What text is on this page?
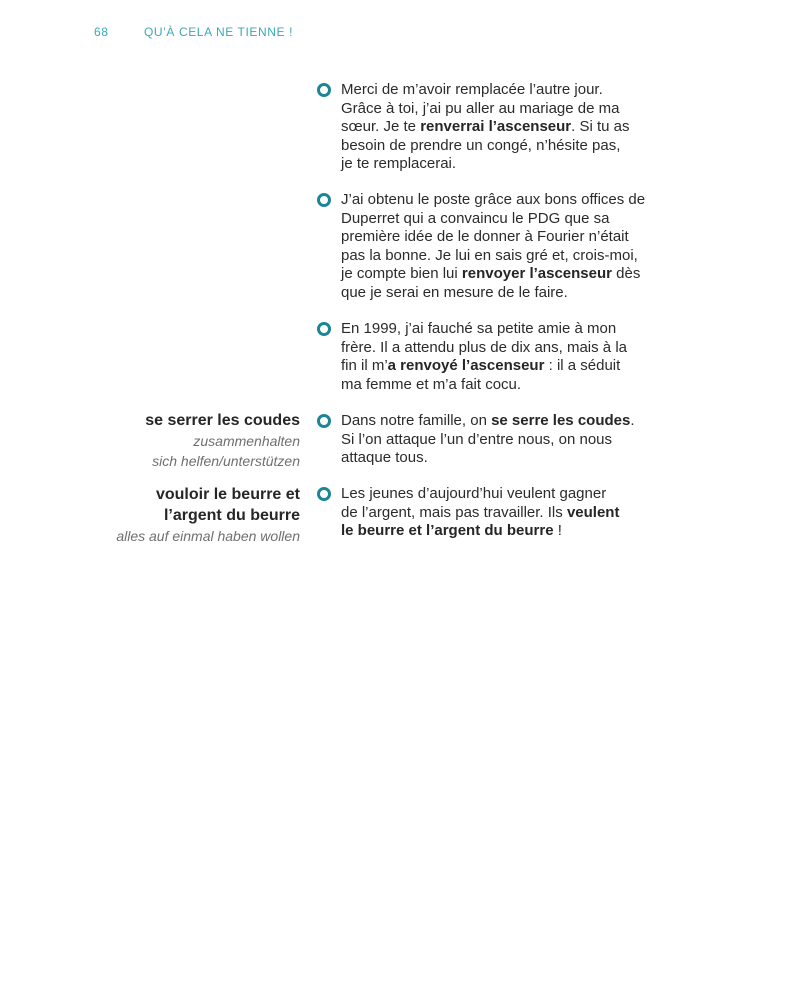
68	QU’À CELA NE TIENNE !
se serrer les coudes
zusammenhalten
sich helfen/unterstützen
vouloir le beurre et
l’argent du beurre
alles auf einmal haben wollen
Merci de m’avoir remplacée l’autre jour.
Grâce à toi, j’ai pu aller au mariage de ma
sœur. Je te renverrai l’ascenseur. Si tu as
besoin de prendre un congé, n’hésite pas,
je te remplacerai.
J’ai obtenu le poste grâce aux bons offices de
Duperret qui a convaincu le PDG que sa
première idée de le donner à Fourier n’était
pas la bonne. Je lui en sais gré et, crois-moi,
je compte bien lui renvoyer l’ascenseur dès
que je serai en mesure de le faire.
En 1999, j’ai fauché sa petite amie à mon
frère. Il a attendu plus de dix ans, mais à la
fin il m’a renvoyé l’ascenseur : il a séduit
ma femme et m’a fait cocu.
Dans notre famille, on se serre les coudes.
Si l’on attaque l’un d’entre nous, on nous
attaque tous.
Les jeunes d’aujourd’hui veulent gagner
de l’argent, mais pas travailler. Ils veulent
le beurre et l’argent du beurre !
